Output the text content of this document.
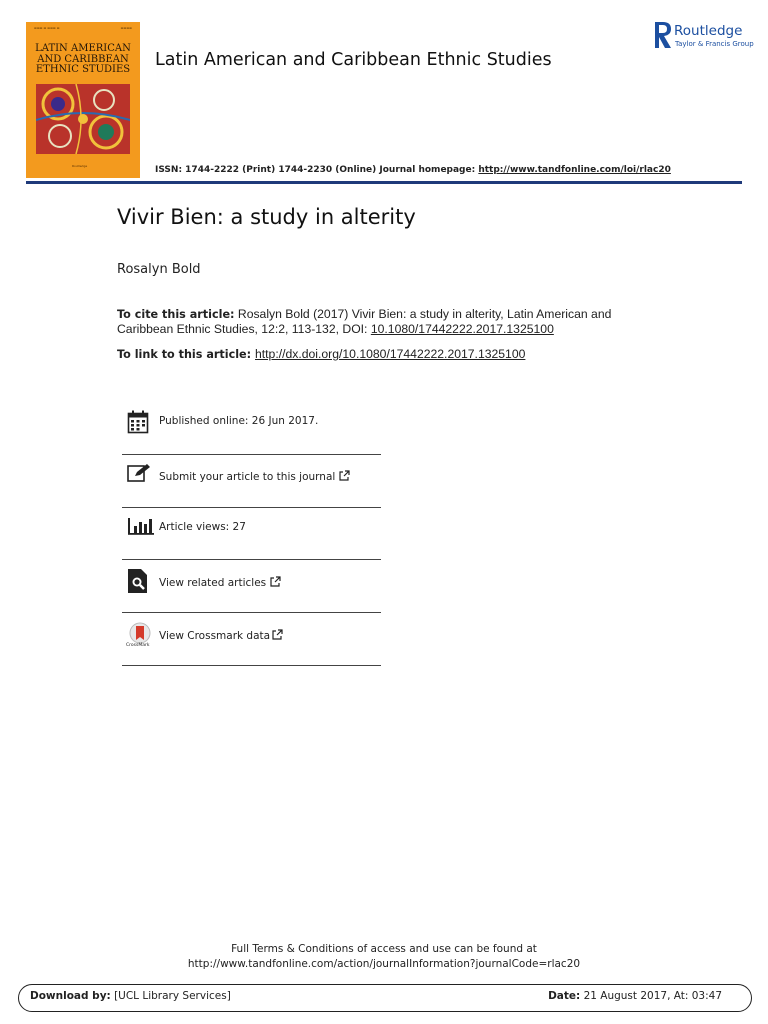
▬▬▬ ▬ ▬▬▬ ▬	▬▬▬▬
LATIN AMERICAN
AND CARIBBEAN
ETHNIC STUDIES
Routledge
Latin American and Caribbean Ethnic Studies
ISSN: 1744-2222 (Print) 1744-2230 (Online) Journal homepage: http://www.tandfonline.com/loi/rlac20
Routledge
Taylor & Francis Group
Vivir Bien: a study in alterity
Rosalyn Bold
To cite this article: Rosalyn Bold (2017) Vivir Bien: a study in alterity, Latin American and Caribbean Ethnic Studies, 12:2, 113-132, DOI: 10.1080/17442222.2017.1325100
To link to this article: http://dx.doi.org/10.1080/17442222.2017.1325100
Published online: 26 Jun 2017.
Submit your article to this journal
Article views: 27
View related articles
CrossMark
View Crossmark data
Full Terms & Conditions of access and use can be found at
http://www.tandfonline.com/action/journalInformation?journalCode=rlac20
Download by: [UCL Library Services]	Date: 21 August 2017, At: 03:47
